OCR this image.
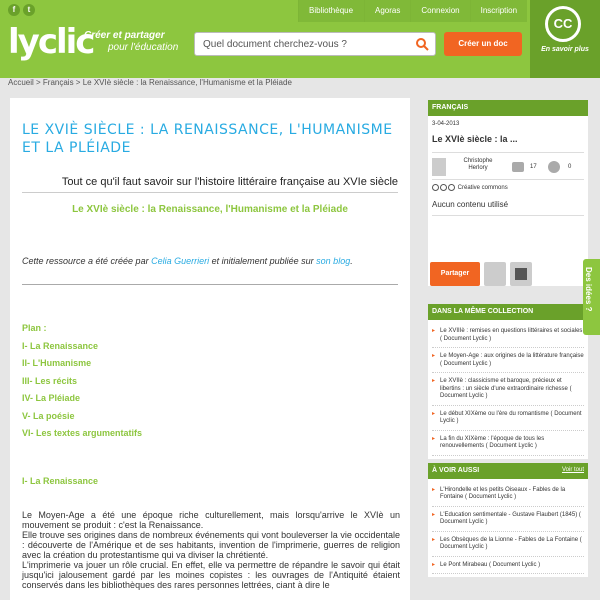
f	t
lyclic
Créer et partager
pour l'éducation
Bibliothèque	Agoras	Connexion	Inscription
Quel document cherchez-vous ?	Créer un doc
CC
En savoir plus
Accueil > Français > Le XVIè siècle : la Renaissance, l'Humanisme et la Pléiade
LE XVIÈ SIÈCLE : LA RENAISSANCE, L'HUMANISME ET LA PLÉIADE
Tout ce qu'il faut savoir sur l'histoire littéraire française au XVIe siècle
Le XVIè siècle : la Renaissance, l'Humanisme et la Pléiade
Cette ressource a été créée par Celia Guerrieri et initialement publiée sur son blog.
Plan :
I- La Renaissance
II- L'Humanisme
III- Les récits
IV- La Pléiade
V- La poésie
VI- Les textes argumentatifs
I- La Renaissance

Le Moyen-Age a été une époque riche culturellement, mais lorsqu'arrive le XVIè un mouvement se produit : c'est la Renaissance.

Elle trouve ses origines dans de nombreux événements qui vont bouleverser la vie occidentale : découverte de l'Amérique et de ses habitants, invention de l'imprimerie, guerres de religion avec la création du protestantisme qui va diviser la chrétienté.

L'imprimerie va jouer un rôle crucial. En effet, elle va permettre de répandre le savoir qui était jusqu'ici jalousement gardé par les moines copistes : les ouvrages de l'Antiquité étaient conservés dans les bibliothèques des rares personnes lettrées, ciant à dire le

FRANÇAIS
3-04-2013
Le XVIè siècle : la ...
Christophe Herlory	17	0
Créative commons
Aucun contenu utilisé
Partager
DANS LA MÊME COLLECTION
▸ Le XVIIIè : remises en questions littéraires et sociales ( Document Lyclic )
▸ Le Moyen-Age : aux origines de la littérature française ( Document Lyclic )
▸ Le XVIIè : classicisme et baroque, précieux et libertins : un siècle d'une extraordinaire richesse ( Document Lyclic )
▸ Le début XIXème ou l'ère du romantisme ( Document Lyclic )
▸ La fin du XIXème : l'époque de tous les renouvellements ( Document Lyclic )
À VOIR AUSSI	Voir tout
▸ L'Hirondelle et les petits Oiseaux - Fables de la Fontaine ( Document Lyclic )
▸ L'Education sentimentale - Gustave Flaubert (1845) ( Document Lyclic )
▸ Les Obsèques de la Lionne - Fables de La Fontaine ( Document Lyclic )
▸ Le Pont Mirabeau ( Document Lyclic )
Des idées ?
